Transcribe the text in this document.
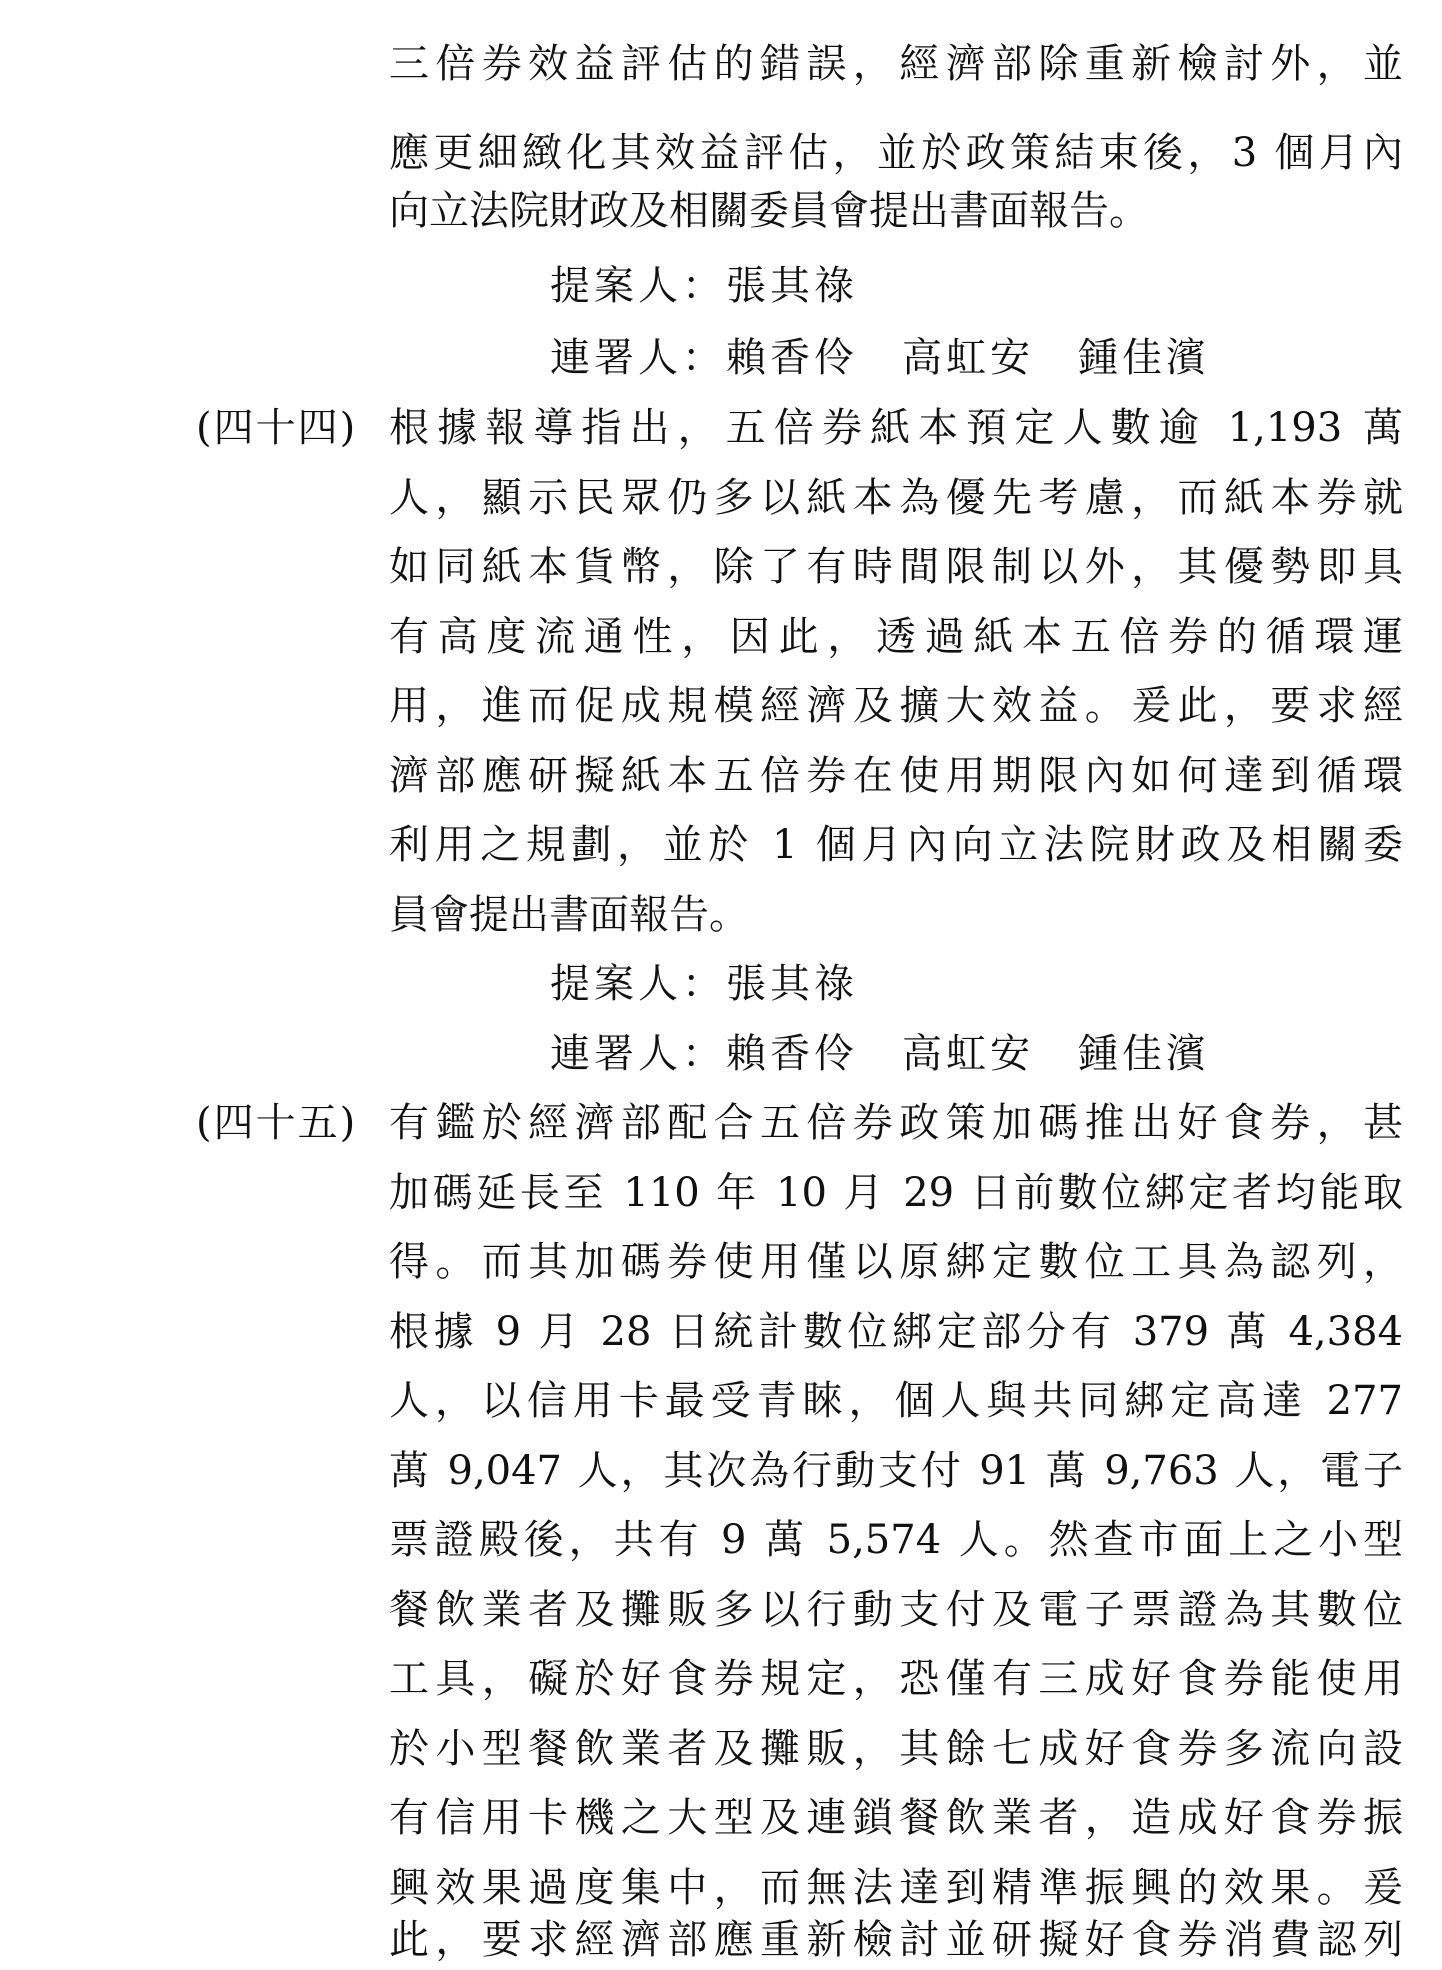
三倍券效益評估的錯誤，經濟部除重新檢討外，並
應更細緻化其效益評估，並於政策結束後，3 個月內
向立法院財政及相關委員會提出書面報告。
提案人：張其祿
連署人：賴香伶　高虹安　鍾佳濱
(四十四) 根據報導指出，五倍券紙本預定人數逾 1,193 萬
人，顯示民眾仍多以紙本為優先考慮，而紙本券就
如同紙本貨幣，除了有時間限制以外，其優勢即具
有高度流通性，因此，透過紙本五倍券的循環運
用，進而促成規模經濟及擴大效益。爰此，要求經
濟部應研擬紙本五倍券在使用期限內如何達到循環
利用之規劃，並於 1 個月內向立法院財政及相關委
員會提出書面報告。
提案人：張其祿
連署人：賴香伶　高虹安　鍾佳濱
(四十五) 有鑑於經濟部配合五倍券政策加碼推出好食券，甚
加碼延長至 110 年 10 月 29 日前數位綁定者均能取
得。而其加碼券使用僅以原綁定數位工具為認列，
根據 9 月 28 日統計數位綁定部分有 379 萬 4,384
人，以信用卡最受青睞，個人與共同綁定高達 277
萬 9,047 人，其次為行動支付 91 萬 9,763 人，電子
票證殿後，共有 9 萬 5,574 人。然查市面上之小型
餐飲業者及攤販多以行動支付及電子票證為其數位
工具，礙於好食券規定，恐僅有三成好食券能使用
於小型餐飲業者及攤販，其餘七成好食券多流向設
有信用卡機之大型及連鎖餐飲業者，造成好食券振
興效果過度集中，而無法達到精準振興的效果。爰
此，要求經濟部應重新檢討並研擬好食券消費認列
